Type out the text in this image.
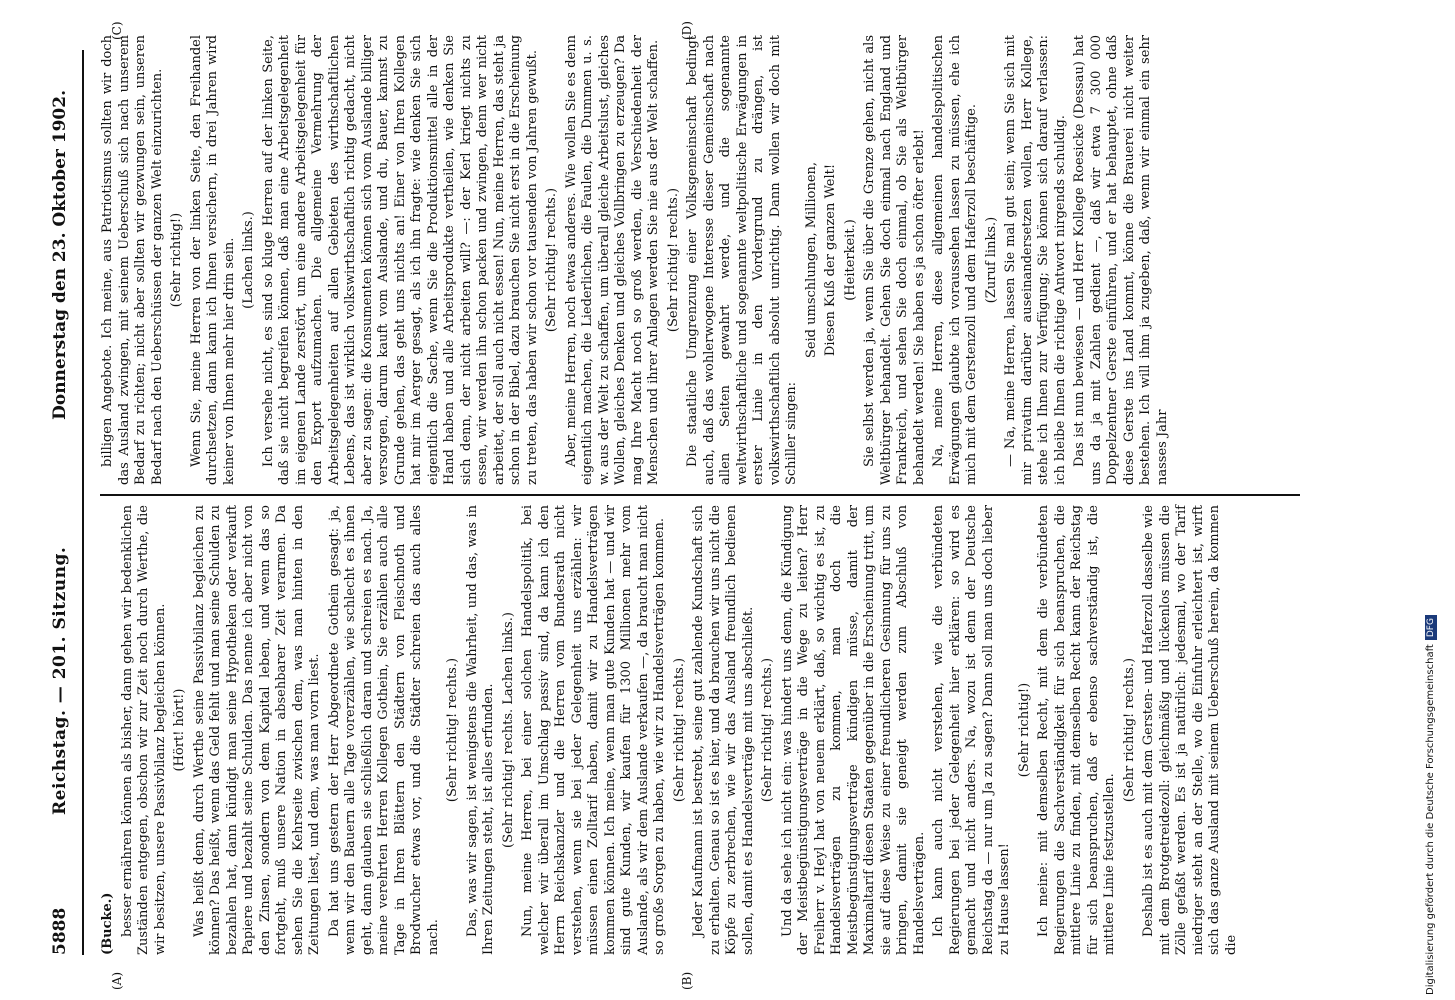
5888
Reichstag. — 201. Sitzung.
Donnerstag den 23. Oktober 1902.

(Bucke.) besser ernähren können als bisher, dann gehen wir bedenklichen Zuständen entgegen, obschon wir zur Zeit noch durch Werthe, die wir besitzen, unsere Passivbilanz begleichen können. (Hört! hört!) Was heißt denn, durch Werthe seine Passivbilanz begleichen zu können? Das heißt, wenn das Geld fehlt und man seine Schulden zu bezahlen hat, dann kündigt man seine Hypotheken oder verkauft Papiere und bezahlt seine Schulden. Das nenne ich aber nicht von den Zinsen, sondern von dem Kapital leben, und wenn das so fortgeht, muß unsere Nation in absehbarer Zeit verarmen. Da sehen Sie die Kehrseite zwischen dem, was man hinten in den Zeitungen liest, und dem, was man vorn liest. Da hat uns gestern der Herr Abgeordnete Gothein gesagt: ja, wenn wir den Bauern alle Tage vorerzählen, wie schlecht es ihnen geht, dann glauben sie schließlich daran und schreien es nach. Ja, meine verehrten Herren Kollegen Gothein, Sie erzählen auch alle Tage in Ihren Blättern den Städtern von Fleischnoth und Brodwucher etwas vor, und die Städter schreien das auch alles nach.

(Sehr richtig! rechts.) Das, was wir sagen, ist wenigstens die Wahrheit, und das, was in Ihren Zeitungen steht, ist alles erfunden. (Sehr richtig! rechts. Lachen links.) Nun, meine Herren, bei einer solchen Handelspolitik, bei welcher wir überall im Umschlag passiv sind, da kann ich den Herrn Reichskanzler und die Herren vom Bundesrath nicht verstehen, wenn sie bei jeder Gelegenheit uns erzählen: wir müssen einen Zolltarif haben, damit wir zu Handelsverträgen kommen können. Ich meine, wenn man gute Kunden hat — und wir sind gute Kunden, wir kaufen für 1300 Millionen mehr vom Auslande, als wir dem Auslande verkaufen —, da braucht man nicht so große Sorgen zu haben, wie wir zu Handelsverträgen kommen. (Sehr richtig! rechts.) Jeder Kaufmann ist bestrebt, seine gut zahlende Kundschaft sich zu erhalten. Genau so ist es hier, und da brauchen wir uns nicht die Köpfe zu zerbrechen, wie wir das Ausland freundlich bedienen sollen, damit es Handelsverträge mit uns abschließt. (Sehr richtig! rechts.) Und da sehe ich nicht ein: was hindert uns denn, die Kündigung der Meistbegünstigungsverträge in die Wege zu leiten? Herr Freiherr v. Heyl hat von neuem erklärt, daß, so wichtig es ist, zu Handelsverträgen zu kommen, man doch die Meistbegünstigungsverträge kündigen müsse, damit der Maximaltarif diesen Staaten gegenüber in die Erscheinung tritt, um sie auf diese Weise zu einer freundlicheren Gesinnung für uns zu bringen, damit sie geneigt werden zum Abschluß von Handelsverträgen. Ich kann auch nicht verstehen, wie die verbündeten Regierungen bei jeder Gelegenheit hier erklären: so wird es gemacht und nicht anders. Na, wozu ist denn der Deutsche Reichstag da — nur um Ja zu sagen? Dann soll man uns doch lieber zu Hause lassen!

(Sehr richtig!) Ich meine: mit demselben Recht, mit dem die verbündeten Regierungen die Sachverständigkeit für sich beanspruchen, die mittlere Linie zu finden, mit demselben Recht kann der Reichstag für sich beanspruchen, daß er ebenso sachverständig ist, die mittlere Linie festzustellen.

(Sehr richtig! rechts.) Deshalb ist es auch mit dem Gersten- und Haferzoll dasselbe wie mit dem Brotgetreidezoll: gleichmäßig und lückenlos müssen die Zölle gefaßt werden. Es ist ja natürlich: jedesmal, wo der Tarif niedriger steht an der Stelle, wo die Einfuhr erleichtert ist, wirft sich das ganze Ausland mit seinem Ueberschuß herein, da kommen die

billigen Angebote. Ich meine, aus Patriotismus sollten wir doch das Ausland zwingen, mit seinem Ueberschuß sich nach unserem Bedarf zu richten; nicht aber sollten wir gezwungen sein, unseren Bedarf nach den Ueberschüssen der ganzen Welt einzurichten. (Sehr richtig!) Wenn Sie, meine Herren von der linken Seite, den Freihandel durchsetzen, dann kann ich Ihnen versichern, in drei Jahren wird keiner von Ihnen mehr hier drin sein. (Lachen links.) Ich versehe nicht, es sind so kluge Herren auf der linken Seite, daß sie nicht begreifen können, daß man eine Arbeitsgelegenheit im eigenen Lande zerstört, um eine andere Arbeitsgelegenheit für den Export aufzumachen. Die allgemeine Vermehrung der Arbeitsgelegenheiten auf allen Gebieten des wirthschaftlichen Lebens, das ist wirklich volkswirthschaftlich richtig gedacht, nicht aber zu sagen: die Konsumenten können sich vom Auslande billiger versorgen, darum kauft vom Auslande, und du, Bauer, kannst zu Grunde gehen, das geht uns nichts an! Einer von Ihren Kollegen hat mir im Aerger gesagt, als ich ihn fragte: wie denken Sie sich eigentlich die Sache, wenn Sie die Produktionsmittel alle in der Hand haben und alle Arbeitsprodukte vertheilen, wie denken Sie sich denn, der nicht arbeiten will? —: der Kerl kriegt nichts zu essen, wir werden ihn schon packen und zwingen, denn wer nicht arbeitet, der soll auch nicht essen! Nun, meine Herren, das steht ja schon in der Bibel, dazu brauchen Sie nicht erst in die Erscheinung zu treten, das haben wir schon vor tausenden von Jahren gewußt. (Sehr richtig! rechts.) Aber, meine Herren, noch etwas anderes. Wie wollen Sie es denn eigentlich machen, die Liederlichen, die Faulen, die Dummen u. s. w. aus der Welt zu schaffen, um überall gleiche Arbeitslust, gleiches Wollen, gleiches Denken und gleiches Vollbringen zu erzeugen? Da mag Ihre Macht noch so groß werden, die Verschiedenheit der Menschen und ihrer Anlagen werden Sie nie aus der Welt schaffen. (Sehr richtig! rechts.) Die staatliche Umgrenzung einer Volksgemeinschaft bedingt auch, daß das wohlerwogene Interesse dieser Gemeinschaft nach allen Seiten gewahrt werde, und die sogenannte weltwirthschaftliche und sogenannte weltpolitische Erwägungen in erster Linie in den Vordergrund zu drängen, ist volkswirthschaftlich absolut unrichtig. Dann wollen wir doch mit Schiller singen:

Seid umschlungen, Millionen, Diesen Kuß der ganzen Welt! (Heiterkeit.) Sie selbst werden ja, wenn Sie über die Grenze gehen, nicht als Weltbürger behandelt. Gehen Sie doch einmal nach England und Frankreich, und sehen Sie doch einmal, ob Sie als Weltbürger behandelt werden! Sie haben es ja schon öfter erlebt! Na, meine Herren, diese allgemeinen handelspolitischen Erwägungen glaubte ich voraussehen lassen zu müssen, ehe ich mich mit dem Gerstenzoll und dem Haferzoll beschäftige. (Zuruf links.) — Na, meine Herren, lassen Sie mal gut sein; wenn Sie sich mit mir privatim darüber auseinandersetzen wollen, Herr Kollege, stehe ich Ihnen zur Verfügung; Sie können sich darauf verlassen: ich bleibe Ihnen die richtige Antwort nirgends schuldig. Das ist nun bewiesen — und Herr Kollege Roesicke (Dessau) hat uns da ja mit Zahlen gedient —, daß wir etwa 7 300 000 Doppelzentner Gerste einführen, und er hat behauptet, ohne daß diese Gerste ins Land kommt, könne die Brauerei nicht weiter bestehen. Ich will ihm ja zugeben, daß, wenn wir einmal ein sehr nasses Jahr

(A)	(B)
(C)	(D)
Digitalisierung gefördert durch die Deutsche ForschungsgemeinschaftDFG
